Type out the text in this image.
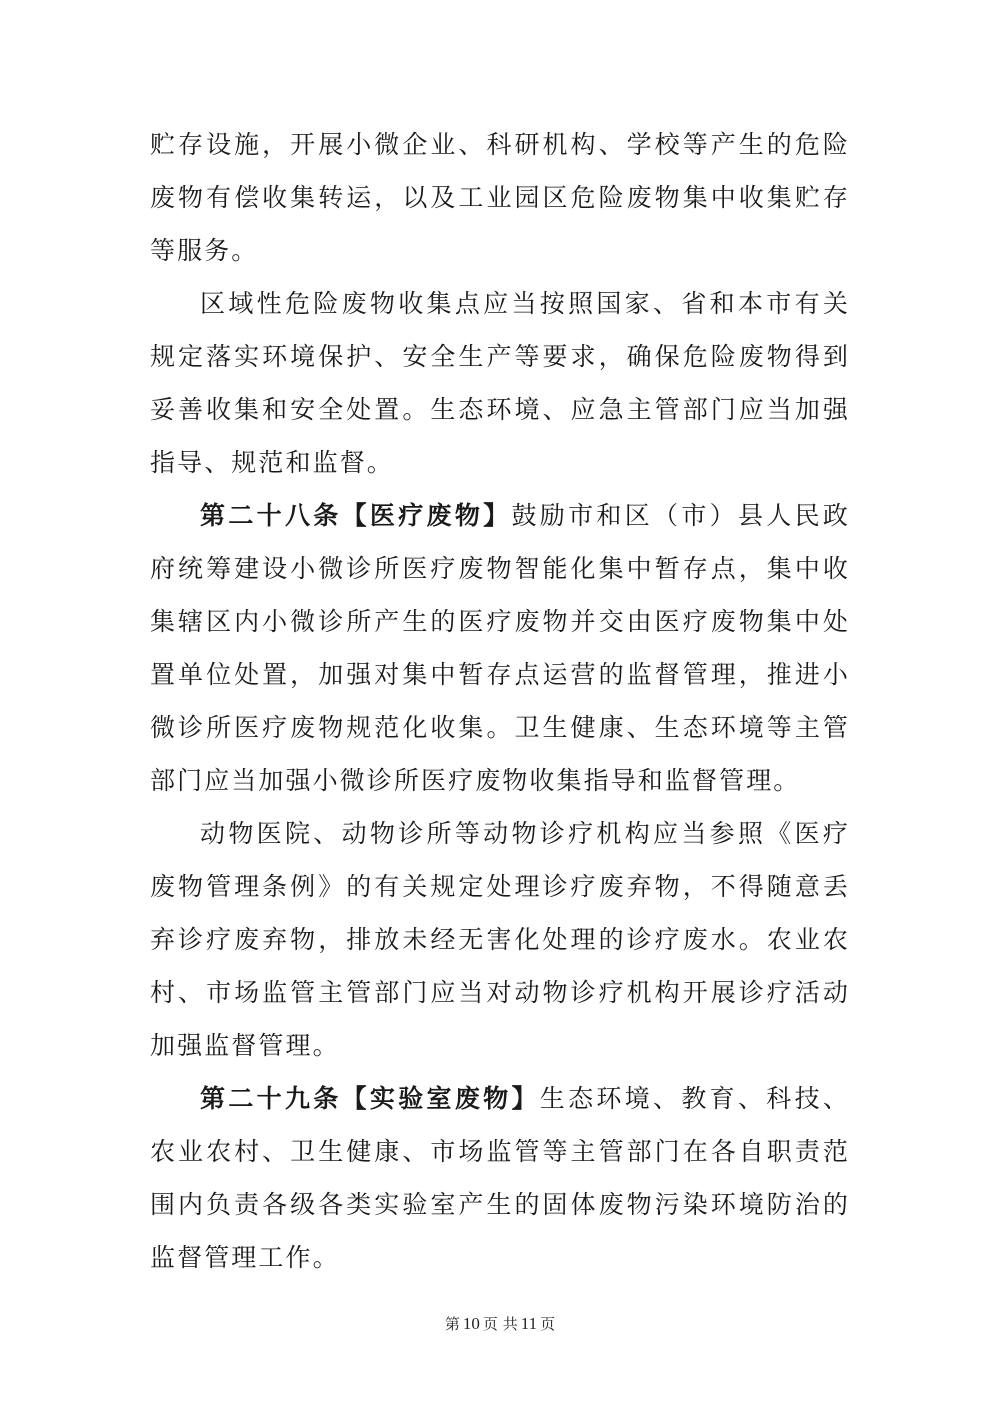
贮存设施，开展小微企业、科研机构、学校等产生的危险废物有偿收集转运，以及工业园区危险废物集中收集贮存等服务。

区域性危险废物收集点应当按照国家、省和本市有关规定落实环境保护、安全生产等要求，确保危险废物得到妥善收集和安全处置。生态环境、应急主管部门应当加强指导、规范和监督。

第二十八条【医疗废物】鼓励市和区（市）县人民政府统筹建设小微诊所医疗废物智能化集中暂存点，集中收集辖区内小微诊所产生的医疗废物并交由医疗废物集中处置单位处置，加强对集中暂存点运营的监督管理，推进小微诊所医疗废物规范化收集。卫生健康、生态环境等主管部门应当加强小微诊所医疗废物收集指导和监督管理。

动物医院、动物诊所等动物诊疗机构应当参照《医疗废物管理条例》的有关规定处理诊疗废弃物，不得随意丢弃诊疗废弃物，排放未经无害化处理的诊疗废水。农业农村、市场监管主管部门应当对动物诊疗机构开展诊疗活动加强监督管理。

第二十九条【实验室废物】生态环境、教育、科技、农业农村、卫生健康、市场监管等主管部门在各自职责范围内负责各级各类实验室产生的固体废物污染环境防治的监督管理工作。

第 10 页 共 11 页
